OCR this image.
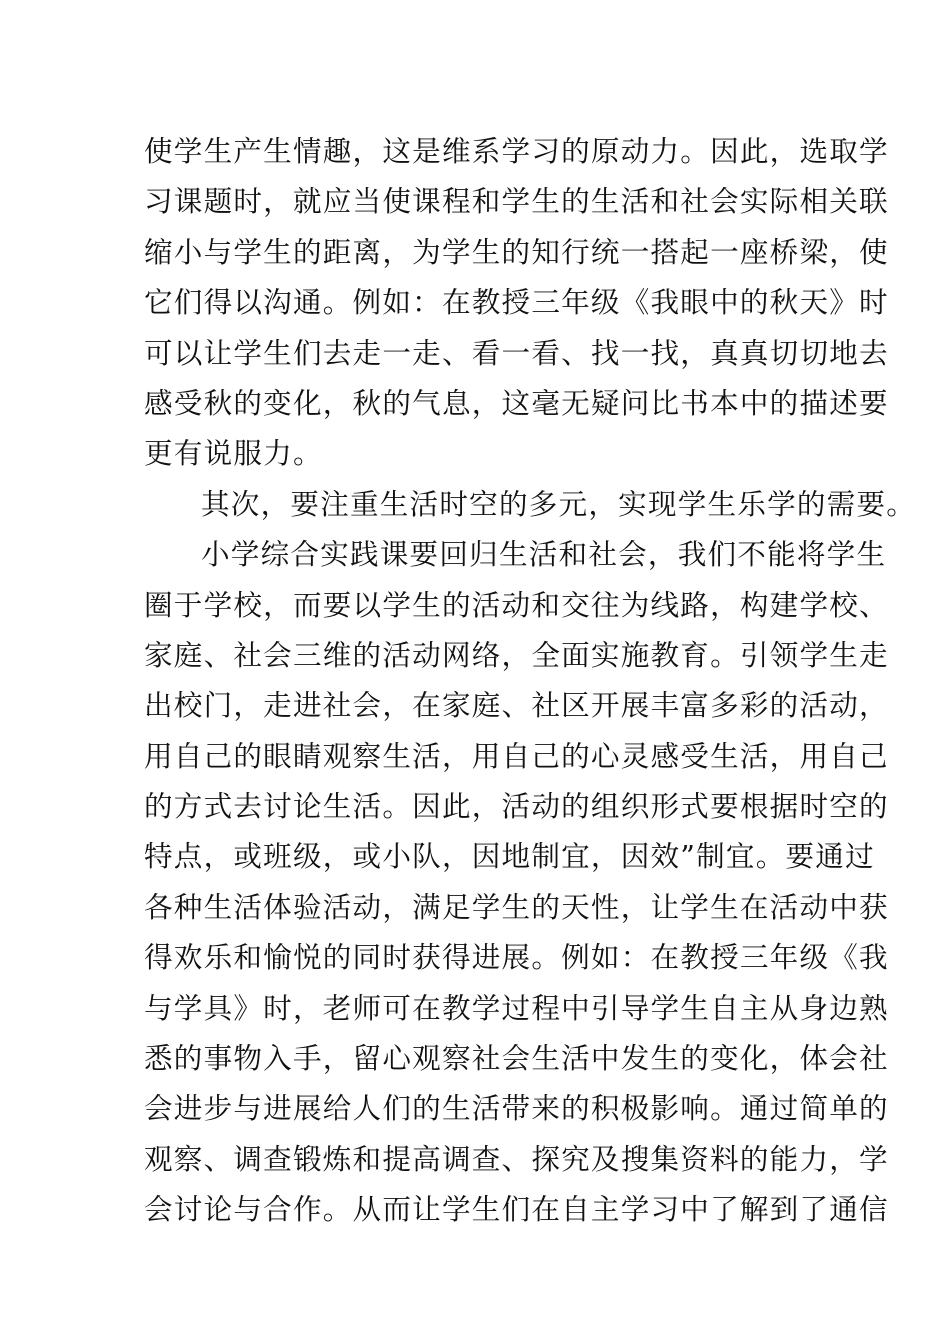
使学生产生情趣，这是维系学习的原动力。因此，选取学
习课题时，就应当使课程和学生的生活和社会实际相关联
缩小与学生的距离，为学生的知行统一搭起一座桥梁，使
它们得以沟通。例如：在教授三年级《我眼中的秋天》时
可以让学生们去走一走、看一看、找一找，真真切切地去
感受秋的变化，秋的气息，这毫无疑问比书本中的描述要
更有说服力。
其次，要注重生活时空的多元，实现学生乐学的需要。
小学综合实践课要回归生活和社会，我们不能将学生
圈于学校，而要以学生的活动和交往为线路，构建学校、
家庭、社会三维的活动网络，全面实施教育。引领学生走
出校门，走进社会，在家庭、社区开展丰富多彩的活动，
用自己的眼睛观察生活，用自己的心灵感受生活，用自己
的方式去讨论生活。因此，活动的组织形式要根据时空的
特点，或班级，或小队，因地制宜，因效”制宜。要通过
各种生活体验活动，满足学生的天性，让学生在活动中获
得欢乐和愉悦的同时获得进展。例如：在教授三年级《我
与学具》时，老师可在教学过程中引导学生自主从身边熟
悉的事物入手，留心观察社会生活中发生的变化，体会社
会进步与进展给人们的生活带来的积极影响。通过简单的
观察、调查锻炼和提高调查、探究及搜集资料的能力，学
会讨论与合作。从而让学生们在自主学习中了解到了通信
